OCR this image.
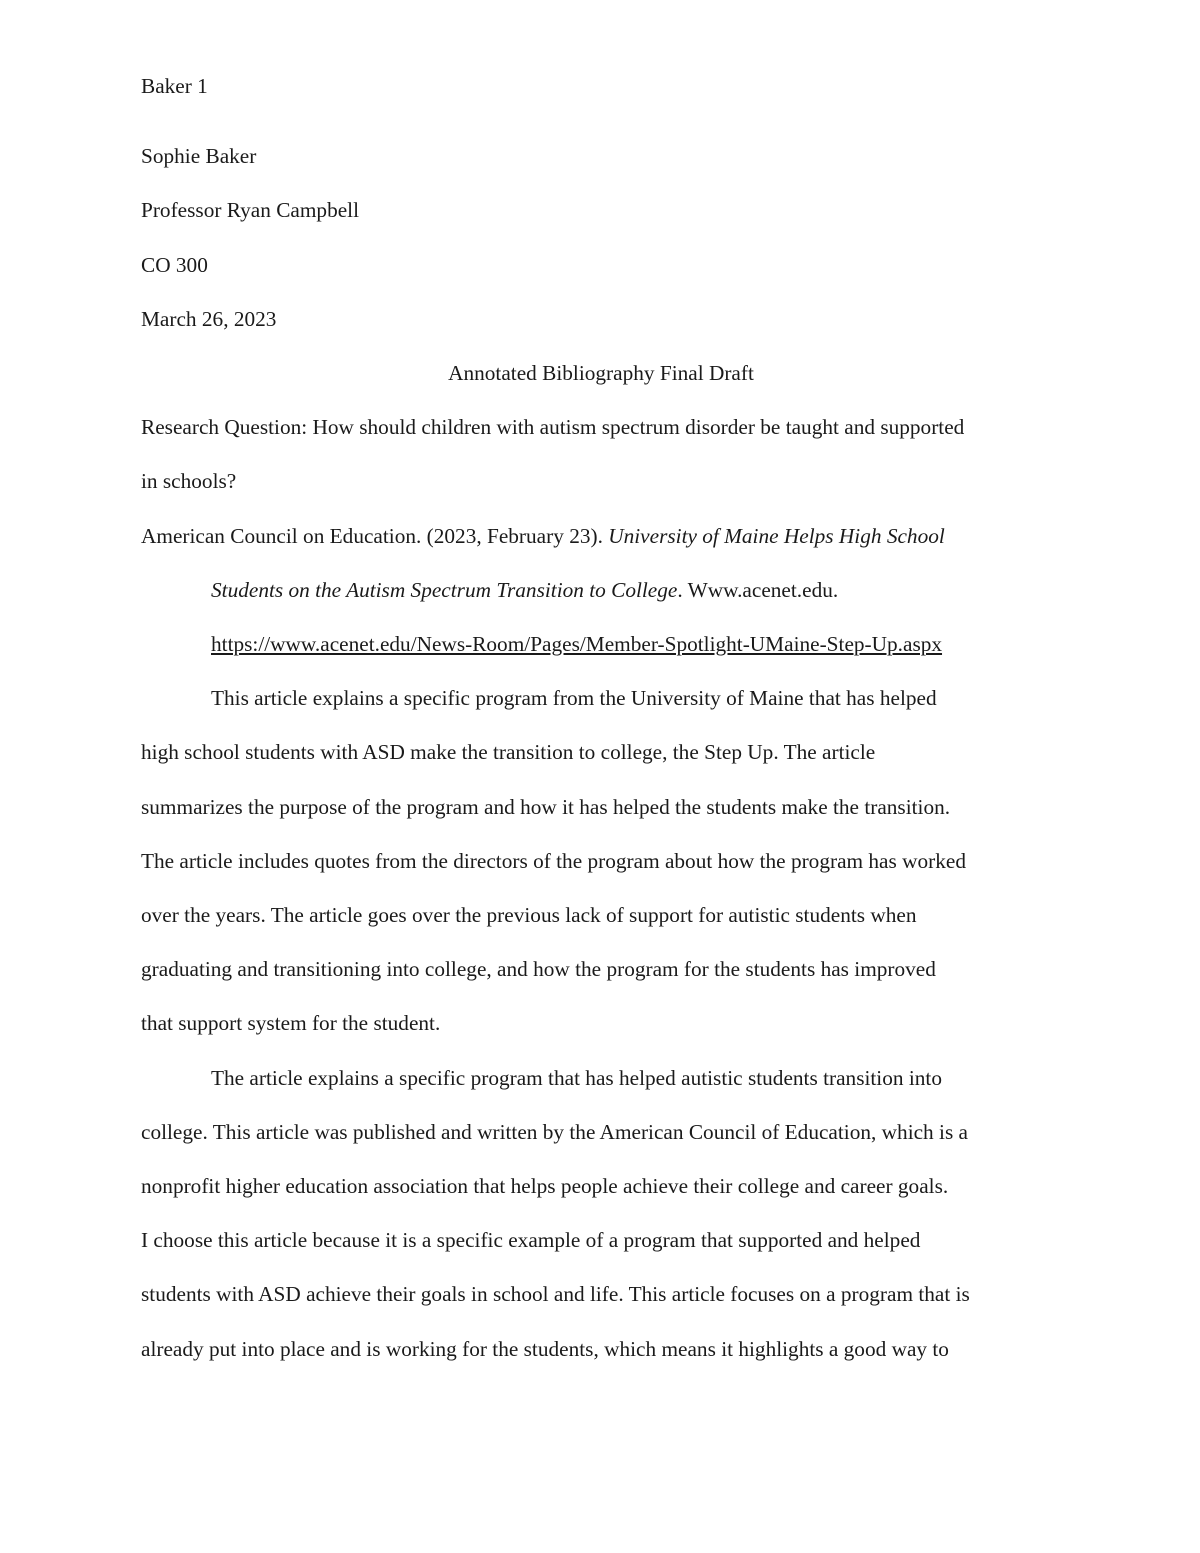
Baker 1
Sophie Baker
Professor Ryan Campbell
CO 300
March 26, 2023
Annotated Bibliography Final Draft
Research Question: How should children with autism spectrum disorder be taught and supported
in schools?
American Council on Education. (2023, February 23). University of Maine Helps High School
Students on the Autism Spectrum Transition to College. Www.acenet.edu.
https://www.acenet.edu/News-Room/Pages/Member-Spotlight-UMaine-Step-Up.aspx
This article explains a specific program from the University of Maine that has helped
high school students with ASD make the transition to college, the Step Up. The article
summarizes the purpose of the program and how it has helped the students make the transition.
The article includes quotes from the directors of the program about how the program has worked
over the years. The article goes over the previous lack of support for autistic students when
graduating and transitioning into college, and how the program for the students has improved
that support system for the student.
The article explains a specific program that has helped autistic students transition into
college. This article was published and written by the American Council of Education, which is a
nonprofit higher education association that helps people achieve their college and career goals.
I choose this article because it is a specific example of a program that supported and helped
students with ASD achieve their goals in school and life. This article focuses on a program that is
already put into place and is working for the students, which means it highlights a good way to
